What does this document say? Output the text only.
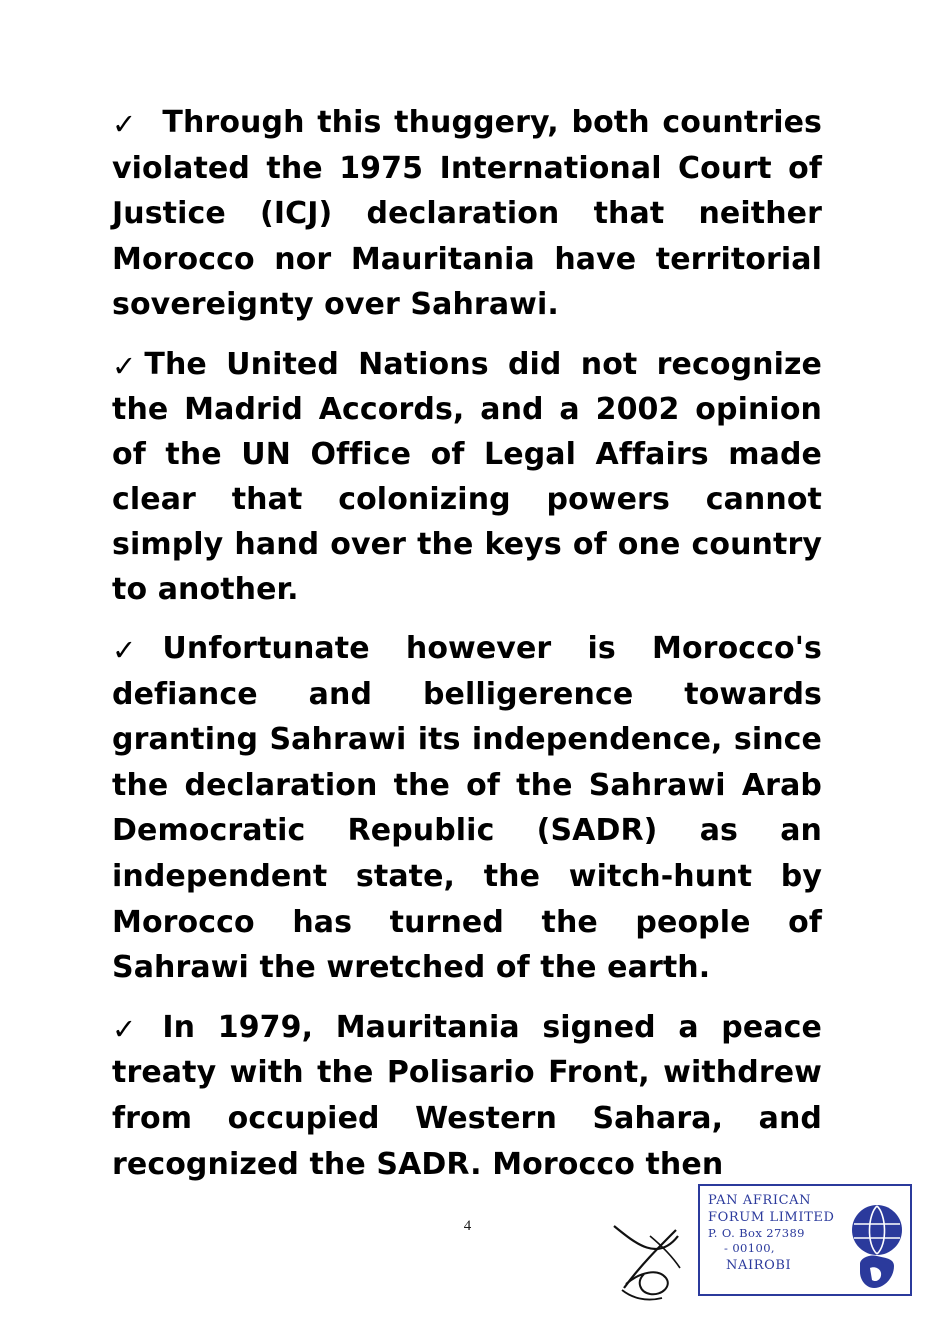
✓ Through this thuggery, both countries violated the 1975 International Court of Justice (ICJ) declaration that neither Morocco nor Mauritania have territorial sovereignty over Sahrawi.

✓ The United Nations did not recognize the Madrid Accords, and a 2002 opinion of the UN Office of Legal Affairs made clear that colonizing powers cannot simply hand over the keys of one country to another.

✓ Unfortunate however is Morocco's defiance and belligerence towards granting Sahrawi its independence, since the declaration the of the Sahrawi Arab Democratic Republic (SADR) as an independent state, the witch-hunt by Morocco has turned the people of Sahrawi the wretched of the earth.

✓ In 1979, Mauritania signed a peace treaty with the Polisario Front, withdrew from occupied Western Sahara, and recognized the SADR. Morocco then

4
PAN AFRICAN
FORUM LIMITED
P. O. Box 27389
- 00100,
NAIROBI
